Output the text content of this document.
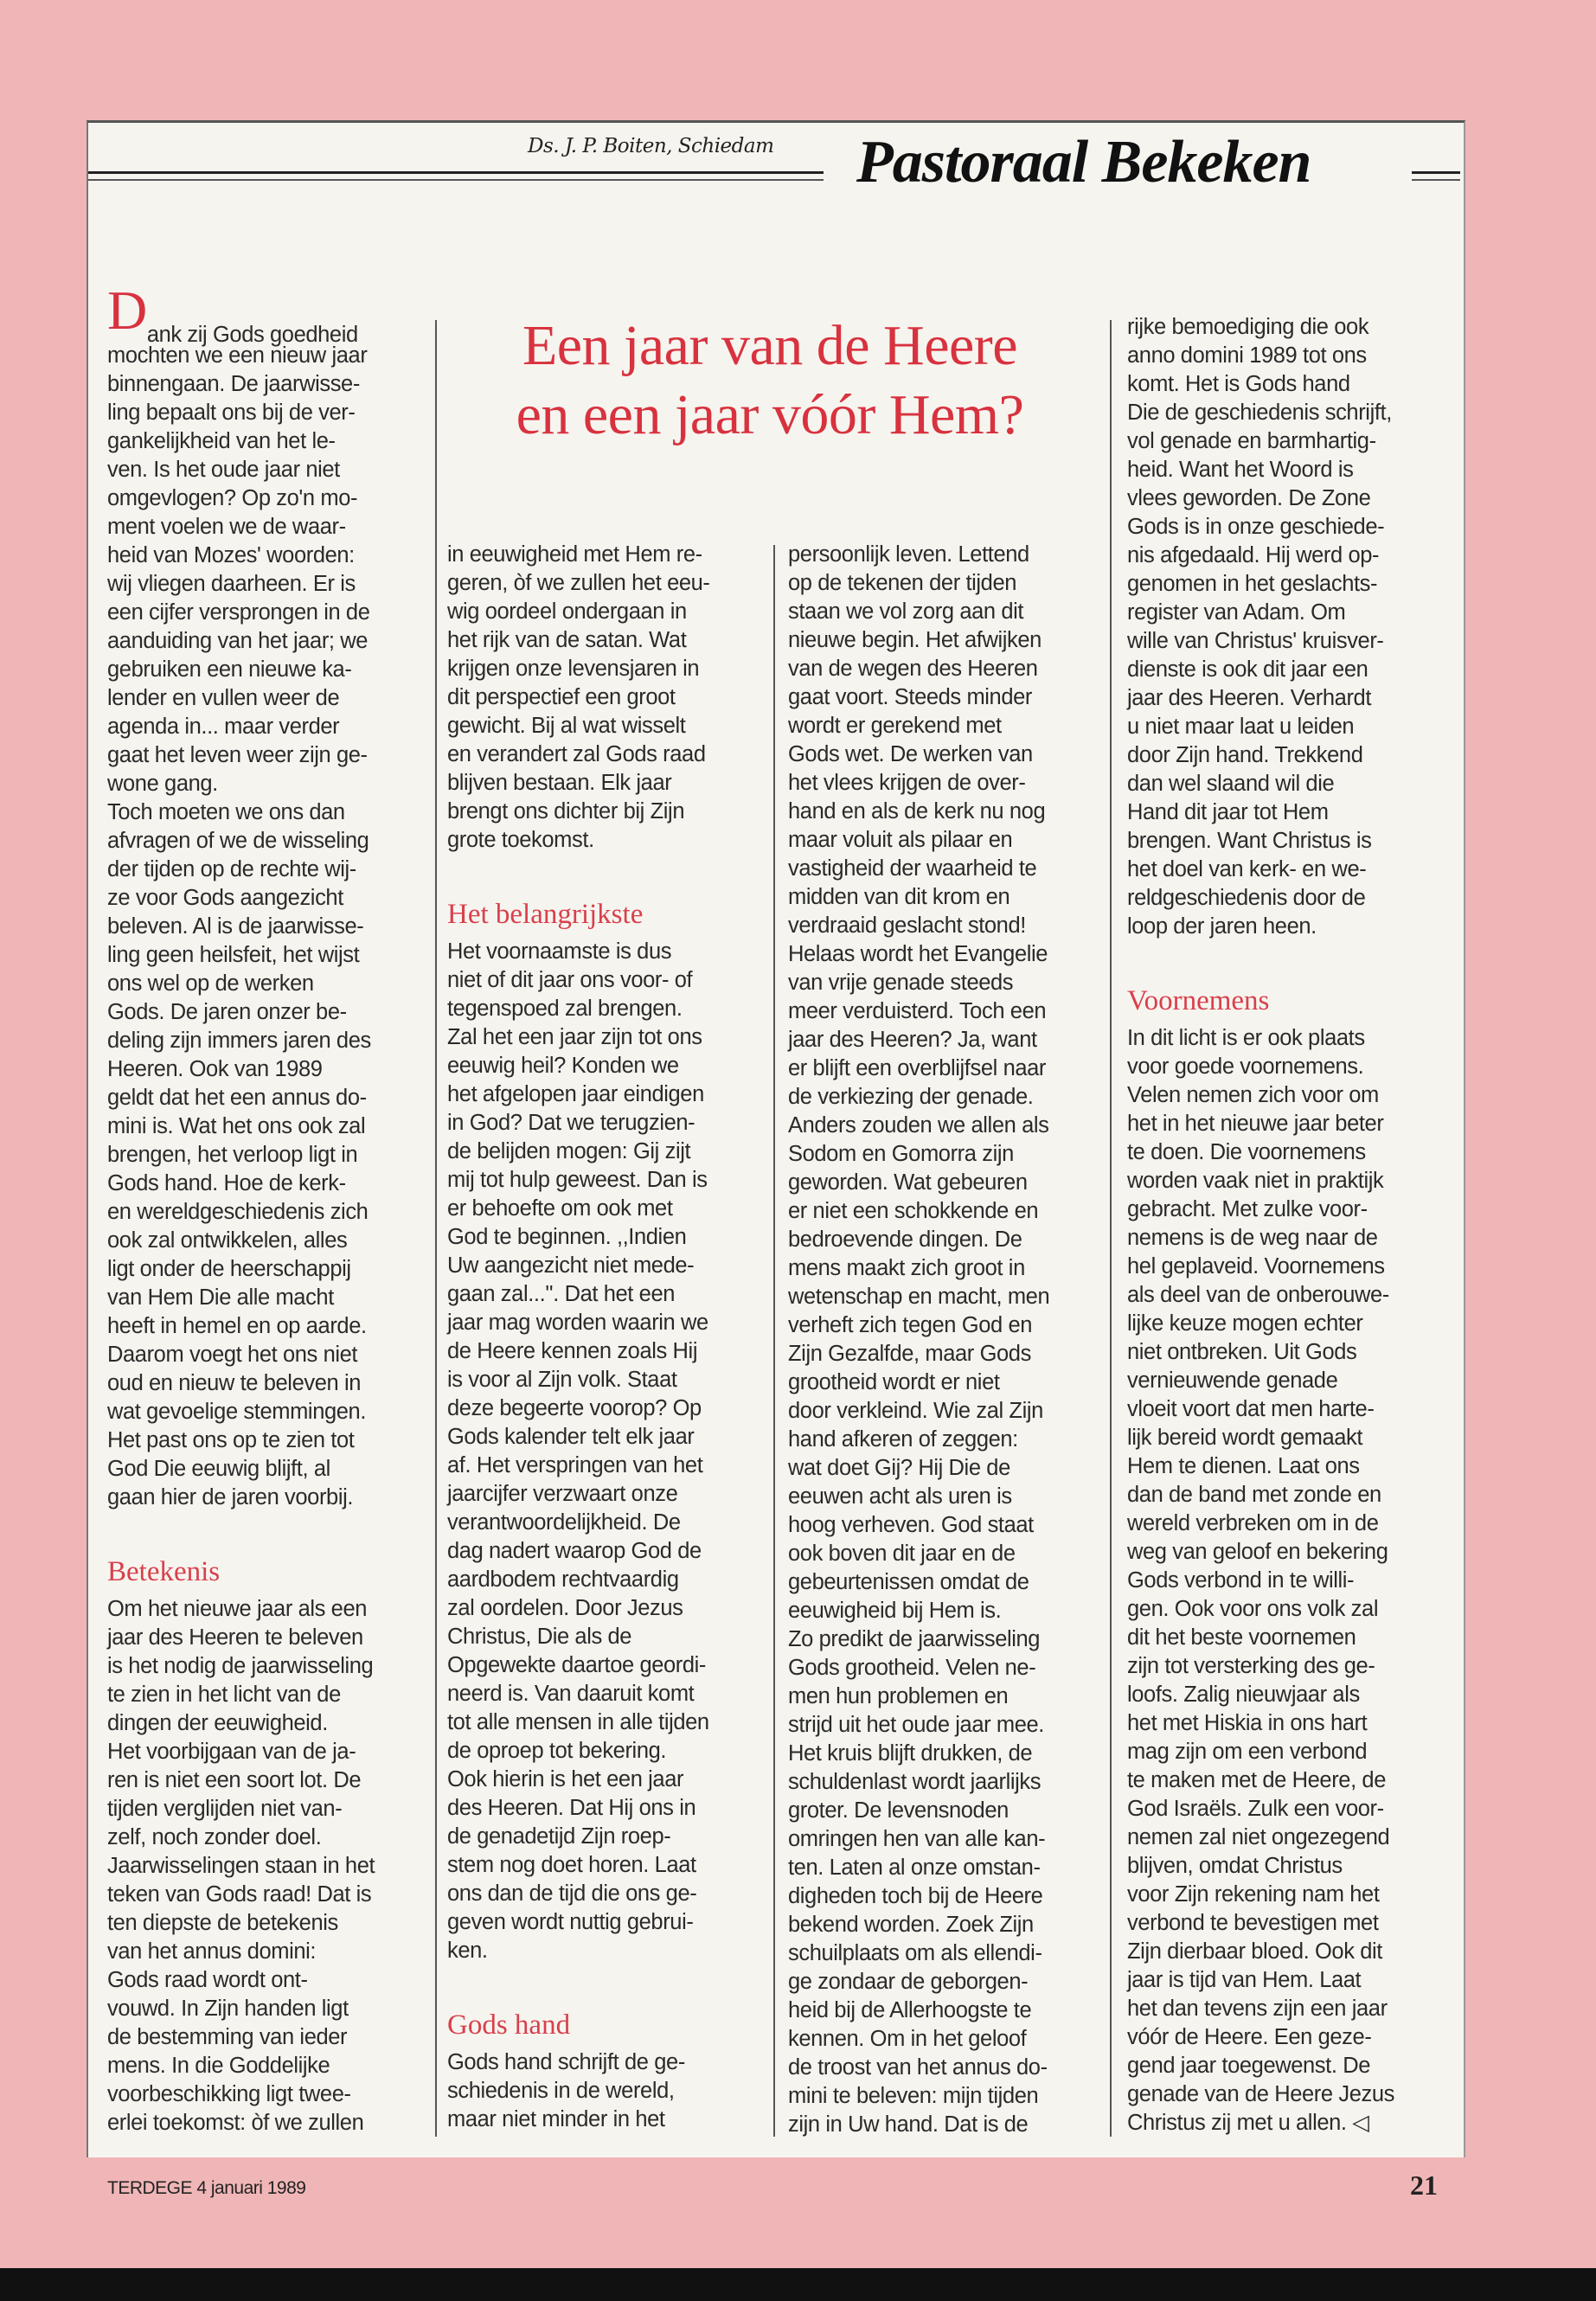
Ds. J. P. Boiten, Schiedam Pastoraal Bekeken
Een jaar van de Heere
en een jaar vóór Hem?
Dank zij Gods goedheid
mochten we een nieuw jaar
binnengaan. De jaarwisse-
ling bepaalt ons bij de ver-
gankelijkheid van het le-
ven. Is het oude jaar niet
omgevlogen? Op zo'n mo-
ment voelen we de waar-
heid van Mozes' woorden:
wij vliegen daarheen. Er is
een cijfer versprongen in de
aanduiding van het jaar; we
gebruiken een nieuwe ka-
lender en vullen weer de
agenda in... maar verder
gaat het leven weer zijn ge-
wone gang.
Toch moeten we ons dan
afvragen of we de wisseling
der tijden op de rechte wij-
ze voor Gods aangezicht
beleven. Al is de jaarwisse-
ling geen heilsfeit, het wijst
ons wel op de werken
Gods. De jaren onzer be-
deling zijn immers jaren des
Heeren. Ook van 1989
geldt dat het een annus do-
mini is. Wat het ons ook zal
brengen, het verloop ligt in
Gods hand. Hoe de kerk-
en wereldgeschiedenis zich
ook zal ontwikkelen, alles
ligt onder de heerschappij
van Hem Die alle macht
heeft in hemel en op aarde.
Daarom voegt het ons niet
oud en nieuw te beleven in
wat gevoelige stemmingen.
Het past ons op te zien tot
God Die eeuwig blijft, al
gaan hier de jaren voorbij.
Betekenis
Om het nieuwe jaar als een
jaar des Heeren te beleven
is het nodig de jaarwisseling
te zien in het licht van de
dingen der eeuwigheid.
Het voorbijgaan van de ja-
ren is niet een soort lot. De
tijden verglijden niet van-
zelf, noch zonder doel.
Jaarwisselingen staan in het
teken van Gods raad! Dat is
ten diepste de betekenis
van het annus domini:
Gods raad wordt ont-
vouwd. In Zijn handen ligt
de bestemming van ieder
mens. In die Goddelijke
voorbeschikking ligt twee-
erlei toekomst: òf we zullen
in eeuwigheid met Hem re-
geren, òf we zullen het eeu-
wig oordeel ondergaan in
het rijk van de satan. Wat
krijgen onze levensjaren in
dit perspectief een groot
gewicht. Bij al wat wisselt
en verandert zal Gods raad
blijven bestaan. Elk jaar
brengt ons dichter bij Zijn
grote toekomst.
Het belangrijkste
Het voornaamste is dus
niet of dit jaar ons voor- of
tegenspoed zal brengen.
Zal het een jaar zijn tot ons
eeuwig heil? Konden we
het afgelopen jaar eindigen
in God? Dat we terugzien-
de belijden mogen: Gij zijt
mij tot hulp geweest. Dan is
er behoefte om ook met
God te beginnen. ,,Indien
Uw aangezicht niet mede-
gaan zal...''. Dat het een
jaar mag worden waarin we
de Heere kennen zoals Hij
is voor al Zijn volk. Staat
deze begeerte voorop? Op
Gods kalender telt elk jaar
af. Het verspringen van het
jaarcijfer verzwaart onze
verantwoordelijkheid. De
dag nadert waarop God de
aardbodem rechtvaardig
zal oordelen. Door Jezus
Christus, Die als de
Opgewekte daartoe geordi-
neerd is. Van daaruit komt
tot alle mensen in alle tijden
de oproep tot bekering.
Ook hierin is het een jaar
des Heeren. Dat Hij ons in
de genadetijd Zijn roep-
stem nog doet horen. Laat
ons dan de tijd die ons ge-
geven wordt nuttig gebrui-
ken.
Gods hand
Gods hand schrijft de ge-
schiedenis in de wereld,
maar niet minder in het
persoonlijk leven. Lettend
op de tekenen der tijden
staan we vol zorg aan dit
nieuwe begin. Het afwijken
van de wegen des Heeren
gaat voort. Steeds minder
wordt er gerekend met
Gods wet. De werken van
het vlees krijgen de over-
hand en als de kerk nu nog
maar voluit als pilaar en
vastigheid der waarheid te
midden van dit krom en
verdraaid geslacht stond!
Helaas wordt het Evangelie
van vrije genade steeds
meer verduisterd. Toch een
jaar des Heeren? Ja, want
er blijft een overblijfsel naar
de verkiezing der genade.
Anders zouden we allen als
Sodom en Gomorra zijn
geworden. Wat gebeuren
er niet een schokkende en
bedroevende dingen. De
mens maakt zich groot in
wetenschap en macht, men
verheft zich tegen God en
Zijn Gezalfde, maar Gods
grootheid wordt er niet
door verkleind. Wie zal Zijn
hand afkeren of zeggen:
wat doet Gij? Hij Die de
eeuwen acht als uren is
hoog verheven. God staat
ook boven dit jaar en de
gebeurtenissen omdat de
eeuwigheid bij Hem is.
Zo predikt de jaarwisseling
Gods grootheid. Velen ne-
men hun problemen en
strijd uit het oude jaar mee.
Het kruis blijft drukken, de
schuldenlast wordt jaarlijks
groter. De levensnoden
omringen hen van alle kan-
ten. Laten al onze omstan-
digheden toch bij de Heere
bekend worden. Zoek Zijn
schuilplaats om als ellendi-
ge zondaar de geborgen-
heid bij de Allerhoogste te
kennen. Om in het geloof
de troost van het annus do-
mini te beleven: mijn tijden
zijn in Uw hand. Dat is de
rijke bemoediging die ook
anno domini 1989 tot ons
komt. Het is Gods hand
Die de geschiedenis schrijft,
vol genade en barmhartig-
heid. Want het Woord is
vlees geworden. De Zone
Gods is in onze geschiede-
nis afgedaald. Hij werd op-
genomen in het geslachts-
register van Adam. Om
wille van Christus' kruisver-
dienste is ook dit jaar een
jaar des Heeren. Verhardt
u niet maar laat u leiden
door Zijn hand. Trekkend
dan wel slaand wil die
Hand dit jaar tot Hem
brengen. Want Christus is
het doel van kerk- en we-
reldgeschiedenis door de
loop der jaren heen.
Voornemens
In dit licht is er ook plaats
voor goede voornemens.
Velen nemen zich voor om
het in het nieuwe jaar beter
te doen. Die voornemens
worden vaak niet in praktijk
gebracht. Met zulke voor-
nemens is de weg naar de
hel geplaveid. Voornemens
als deel van de onberouwe-
lijke keuze mogen echter
niet ontbreken. Uit Gods
vernieuwende genade
vloeit voort dat men harte-
lijk bereid wordt gemaakt
Hem te dienen. Laat ons
dan de band met zonde en
wereld verbreken om in de
weg van geloof en bekering
Gods verbond in te willi-
gen. Ook voor ons volk zal
dit het beste voornemen
zijn tot versterking des ge-
loofs. Zalig nieuwjaar als
het met Hiskia in ons hart
mag zijn om een verbond
te maken met de Heere, de
God Israëls. Zulk een voor-
nemen zal niet ongezegend
blijven, omdat Christus
voor Zijn rekening nam het
verbond te bevestigen met
Zijn dierbaar bloed. Ook dit
jaar is tijd van Hem. Laat
het dan tevens zijn een jaar
vóór de Heere. Een geze-
gend jaar toegewenst. De
genade van de Heere Jezus
Christus zij met u allen. ◁
TERDEGE 4 januari 1989	21
